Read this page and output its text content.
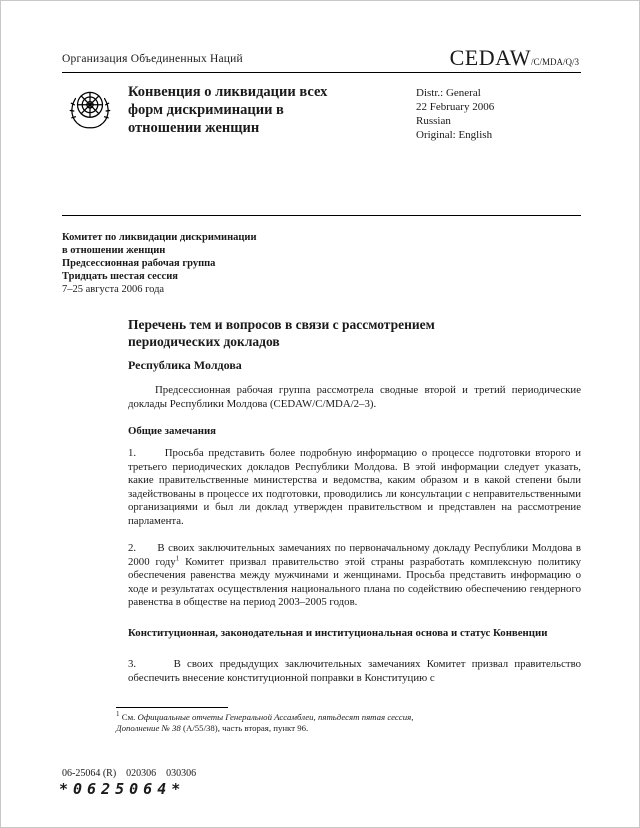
Организация Объединенных Наций	CEDAW/C/MDA/Q/3
Конвенция о ликвидации всех
форм дискриминации в
отношении женщин
Distr.: General
22 February 2006
Russian
Original: English
Комитет по ликвидации дискриминации
в отношении женщин
Предсессионная рабочая группа
Тридцать шестая сессия
7–25 августа 2006 года
Перечень тем и вопросов в связи с рассмотрением
периодических докладов
Республика Молдова
Предсессионная рабочая группа рассмотрела сводные второй и третий периодические доклады Республики Молдова (CEDAW/C/MDA/2–3).
Общие замечания
1.      Просьба представить более подробную информацию о процессе подготовки второго и третьего периодических докладов Республики Молдова. В этой информации следует указать, какие правительственные министерства и ведомства, каким образом и в какой степени были задействованы в процессе их подготовки, проводились ли консультации с неправительственными организациями и был ли доклад утвержден правительством и представлен на рассмотрение парламента.
2.      В своих заключительных замечаниях по первоначальному докладу Республики Молдова в 2000 году$^1$ Комитет призвал правительство этой страны разработать комплексную политику обеспечения равенства между мужчинами и женщинами. Просьба представить информацию о ходе и результатах осуществления национального плана по содействию обеспечению гендерного равенства в обществе на период 2003–2005 годов.
Конституционная, законодательная и институциональная основа и статус Конвенции
3.      В своих предыдущих заключительных замечаниях Комитет призвал правительство обеспечить внесение конституционной поправки в Конституцию с
$^1$ См. Официальные отчеты Генеральной Ассамблеи, пятьдесят пятая сессия, Дополнение № 38 (A/55/38), часть вторая, пункт 96.
06-25064 (R)    020306    030306
*0625064*
